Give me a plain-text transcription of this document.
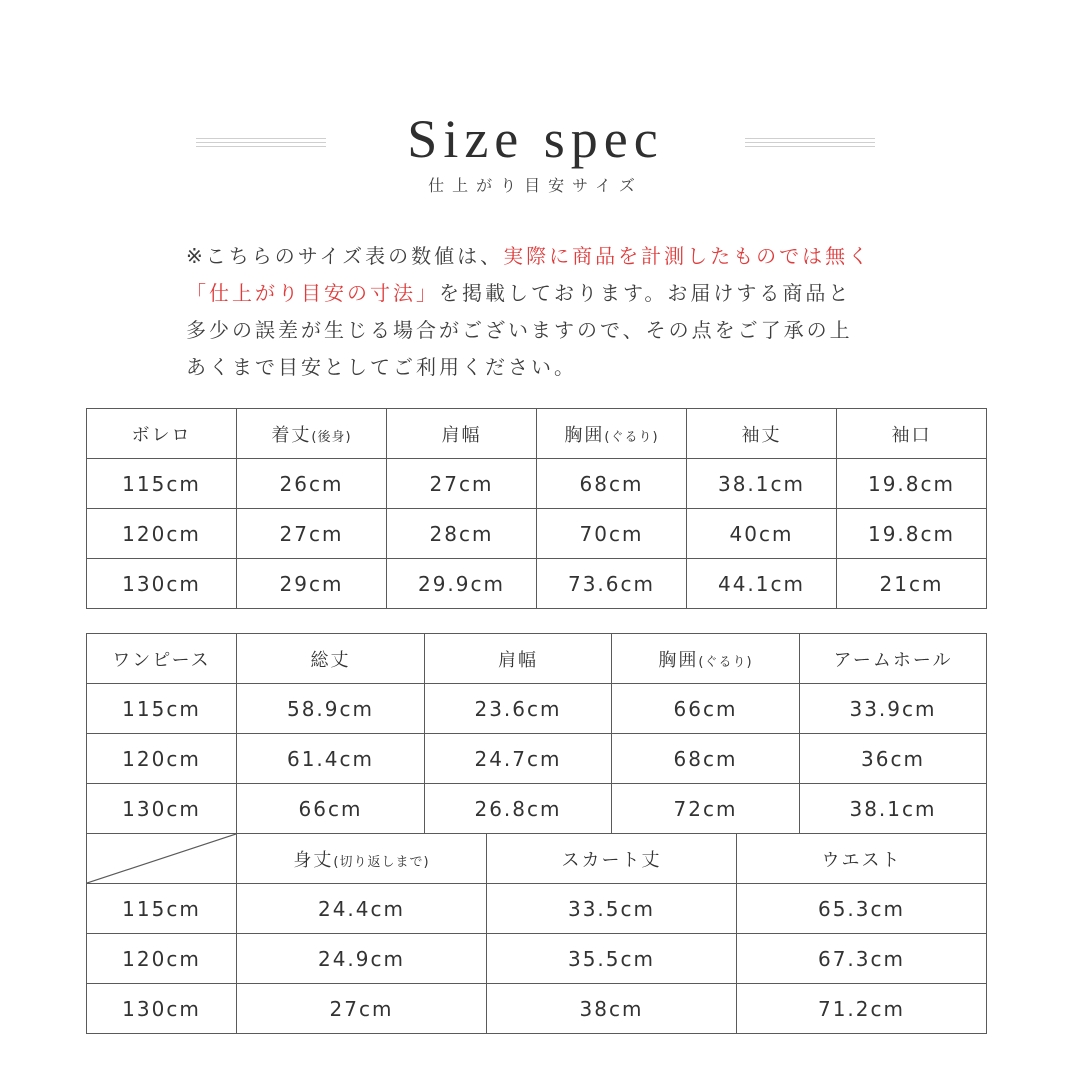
Size spec
仕上がり目安サイズ
※こちらのサイズ表の数値は、実際に商品を計測したものでは無く
「仕上がり目安の寸法」を掲載しております。お届けする商品と
多少の誤差が生じる場合がございますので、その点をご了承の上
あくまで目安としてご利用ください。
ボレロ	着丈(後身)	肩幅	胸囲(ぐるり)	袖丈	袖口
115cm	26cm	27cm	68cm	38.1cm	19.8cm
120cm	27cm	28cm	70cm	40cm	19.8cm
130cm	29cm	29.9cm	73.6cm	44.1cm	21cm
ワンピース	総丈	肩幅	胸囲(ぐるり)	アームホール
115cm	58.9cm	23.6cm	66cm	33.9cm
120cm	61.4cm	24.7cm	68cm	36cm
130cm	66cm	26.8cm	72cm	38.1cm
	身丈(切り返しまで)	スカート丈	ウエスト
115cm	24.4cm	33.5cm	65.3cm
120cm	24.9cm	35.5cm	67.3cm
130cm	27cm	38cm	71.2cm
